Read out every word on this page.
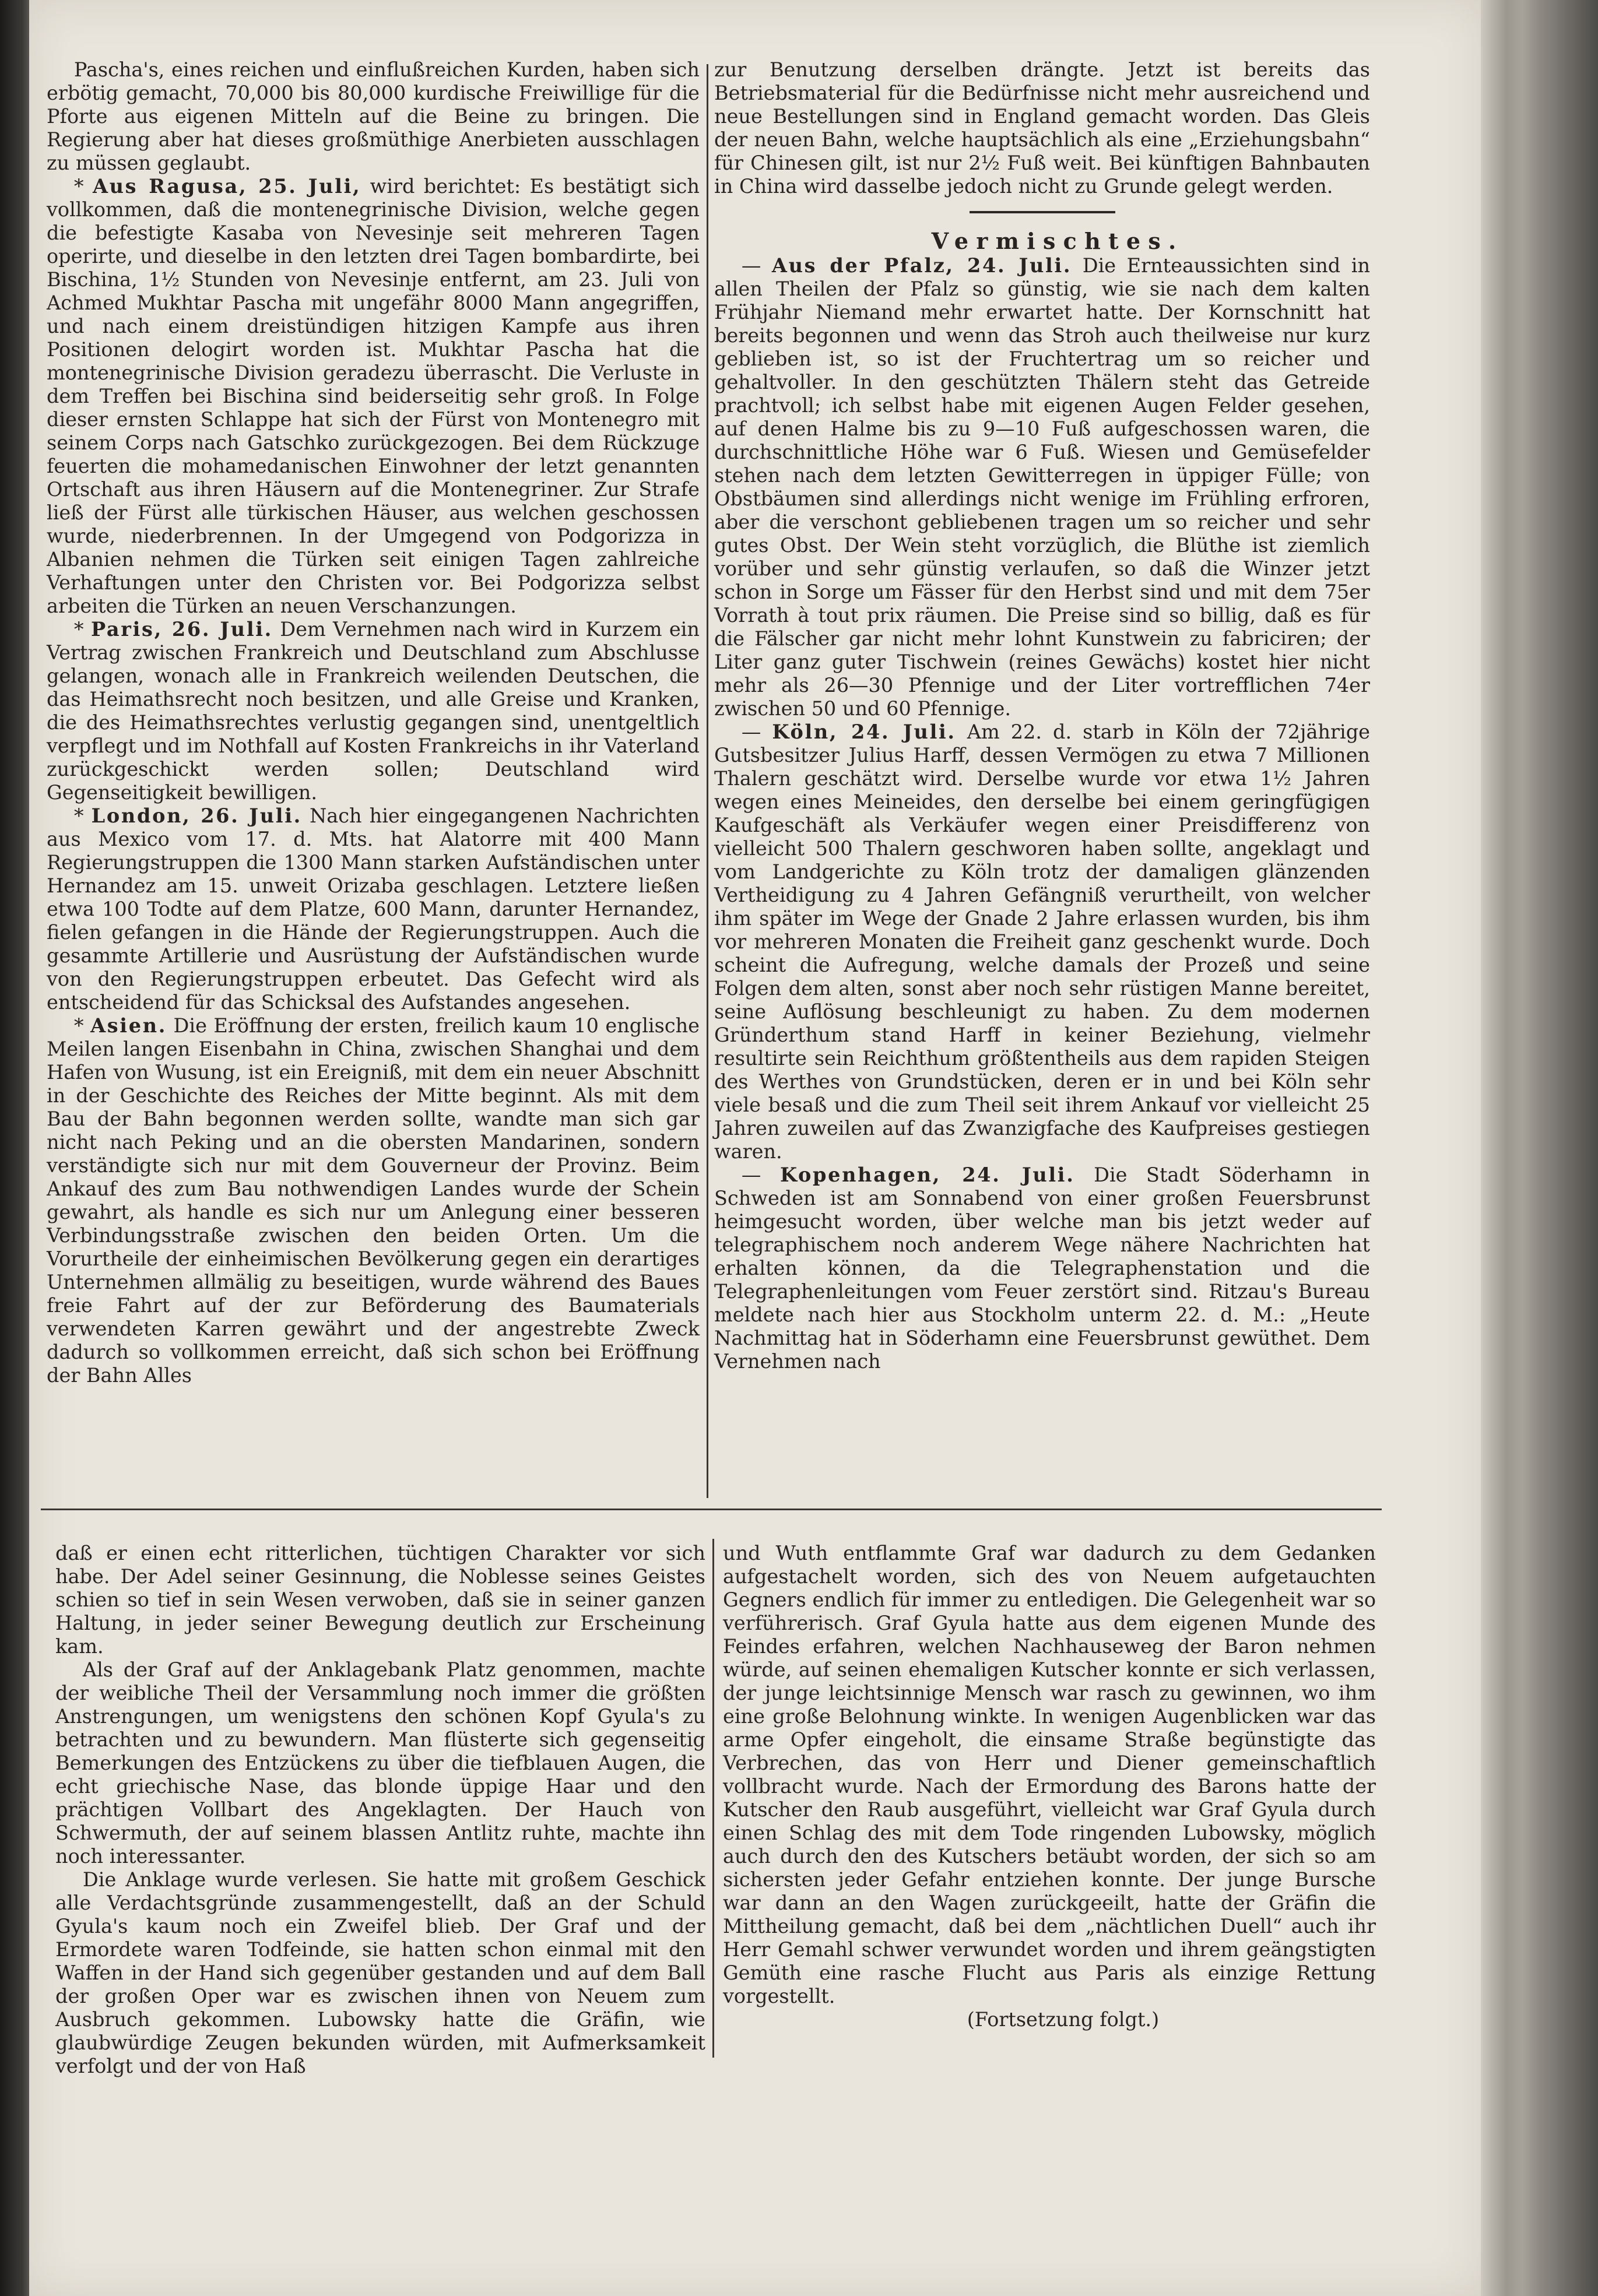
Pascha's, eines reichen und einflußreichen Kurden, haben sich erbötig gemacht, 70,000 bis 80,000 kurdische Freiwillige für die Pforte aus eigenen Mitteln auf die Beine zu bringen. Die Regierung aber hat dieses großmüthige Anerbieten ausschlagen zu müssen geglaubt.

* Aus Ragusa, 25. Juli, wird berichtet: Es bestätigt sich vollkommen, daß die montenegrinische Division, welche gegen die befestigte Kasaba von Nevesinje seit mehreren Tagen operirte, und dieselbe in den letzten drei Tagen bombardirte, bei Bischina, 1½ Stunden von Nevesinje entfernt, am 23. Juli von Achmed Mukhtar Pascha mit ungefähr 8000 Mann angegriffen, und nach einem dreistündigen hitzigen Kampfe aus ihren Positionen delogirt worden ist. Mukhtar Pascha hat die montenegrinische Division geradezu überrascht. Die Verluste in dem Treffen bei Bischina sind beiderseitig sehr groß. In Folge dieser ernsten Schlappe hat sich der Fürst von Montenegro mit seinem Corps nach Gatschko zurückgezogen. Bei dem Rückzuge feuerten die mohamedanischen Einwohner der letzt genannten Ortschaft aus ihren Häusern auf die Montenegriner. Zur Strafe ließ der Fürst alle türkischen Häuser, aus welchen geschossen wurde, niederbrennen. In der Umgegend von Podgorizza in Albanien nehmen die Türken seit einigen Tagen zahlreiche Verhaftungen unter den Christen vor. Bei Podgorizza selbst arbeiten die Türken an neuen Verschanzungen.

* Paris, 26. Juli. Dem Vernehmen nach wird in Kurzem ein Vertrag zwischen Frankreich und Deutschland zum Abschlusse gelangen, wonach alle in Frankreich weilenden Deutschen, die das Heimathsrecht noch besitzen, und alle Greise und Kranken, die des Heimathsrechtes verlustig gegangen sind, unentgeltlich verpflegt und im Nothfall auf Kosten Frankreichs in ihr Vaterland zurückgeschickt werden sollen; Deutschland wird Gegenseitigkeit bewilligen.

* London, 26. Juli. Nach hier eingegangenen Nachrichten aus Mexico vom 17. d. Mts. hat Alatorre mit 400 Mann Regierungstruppen die 1300 Mann starken Aufständischen unter Hernandez am 15. unweit Orizaba geschlagen. Letztere ließen etwa 100 Todte auf dem Platze, 600 Mann, darunter Hernandez, fielen gefangen in die Hände der Regierungstruppen. Auch die gesammte Artillerie und Ausrüstung der Aufständischen wurde von den Regierungstruppen erbeutet. Das Gefecht wird als entscheidend für das Schicksal des Aufstandes angesehen.

* Asien. Die Eröffnung der ersten, freilich kaum 10 englische Meilen langen Eisenbahn in China, zwischen Shanghai und dem Hafen von Wusung, ist ein Ereigniß, mit dem ein neuer Abschnitt in der Geschichte des Reiches der Mitte beginnt. Als mit dem Bau der Bahn begonnen werden sollte, wandte man sich gar nicht nach Peking und an die obersten Mandarinen, sondern verständigte sich nur mit dem Gouverneur der Provinz. Beim Ankauf des zum Bau nothwendigen Landes wurde der Schein gewahrt, als handle es sich nur um Anlegung einer besseren Verbindungsstraße zwischen den beiden Orten. Um die Vorurtheile der einheimischen Bevölkerung gegen ein derartiges Unternehmen allmälig zu beseitigen, wurde während des Baues freie Fahrt auf der zur Beförderung des Baumaterials verwendeten Karren gewährt und der angestrebte Zweck dadurch so vollkommen erreicht, daß sich schon bei Eröffnung der Bahn Alles

zur Benutzung derselben drängte. Jetzt ist bereits das Betriebsmaterial für die Bedürfnisse nicht mehr ausreichend und neue Bestellungen sind in England gemacht worden. Das Gleis der neuen Bahn, welche hauptsächlich als eine „Erziehungsbahn“ für Chinesen gilt, ist nur 2½ Fuß weit. Bei künftigen Bahnbauten in China wird dasselbe jedoch nicht zu Grunde gelegt werden.

Vermischtes.

— Aus der Pfalz, 24. Juli. Die Ernteaussichten sind in allen Theilen der Pfalz so günstig, wie sie nach dem kalten Frühjahr Niemand mehr erwartet hatte. Der Kornschnitt hat bereits begonnen und wenn das Stroh auch theilweise nur kurz geblieben ist, so ist der Fruchtertrag um so reicher und gehaltvoller. In den geschützten Thälern steht das Getreide prachtvoll; ich selbst habe mit eigenen Augen Felder gesehen, auf denen Halme bis zu 9—10 Fuß aufgeschossen waren, die durchschnittliche Höhe war 6 Fuß. Wiesen und Gemüsefelder stehen nach dem letzten Gewitterregen in üppiger Fülle; von Obstbäumen sind allerdings nicht wenige im Frühling erfroren, aber die verschont gebliebenen tragen um so reicher und sehr gutes Obst. Der Wein steht vorzüglich, die Blüthe ist ziemlich vorüber und sehr günstig verlaufen, so daß die Winzer jetzt schon in Sorge um Fässer für den Herbst sind und mit dem 75er Vorrath à tout prix räumen. Die Preise sind so billig, daß es für die Fälscher gar nicht mehr lohnt Kunstwein zu fabriciren; der Liter ganz guter Tischwein (reines Gewächs) kostet hier nicht mehr als 26—30 Pfennige und der Liter vortrefflichen 74er zwischen 50 und 60 Pfennige.

— Köln, 24. Juli. Am 22. d. starb in Köln der 72jährige Gutsbesitzer Julius Harff, dessen Vermögen zu etwa 7 Millionen Thalern geschätzt wird. Derselbe wurde vor etwa 1½ Jahren wegen eines Meineides, den derselbe bei einem geringfügigen Kaufgeschäft als Verkäufer wegen einer Preisdifferenz von vielleicht 500 Thalern geschworen haben sollte, angeklagt und vom Landgerichte zu Köln trotz der damaligen glänzenden Vertheidigung zu 4 Jahren Gefängniß verurtheilt, von welcher ihm später im Wege der Gnade 2 Jahre erlassen wurden, bis ihm vor mehreren Monaten die Freiheit ganz geschenkt wurde. Doch scheint die Aufregung, welche damals der Prozeß und seine Folgen dem alten, sonst aber noch sehr rüstigen Manne bereitet, seine Auflösung beschleunigt zu haben. Zu dem modernen Gründerthum stand Harff in keiner Beziehung, vielmehr resultirte sein Reichthum größtentheils aus dem rapiden Steigen des Werthes von Grundstücken, deren er in und bei Köln sehr viele besaß und die zum Theil seit ihrem Ankauf vor vielleicht 25 Jahren zuweilen auf das Zwanzigfache des Kaufpreises gestiegen waren.

— Kopenhagen, 24. Juli. Die Stadt Söderhamn in Schweden ist am Sonnabend von einer großen Feuersbrunst heimgesucht worden, über welche man bis jetzt weder auf telegraphischem noch anderem Wege nähere Nachrichten hat erhalten können, da die Telegraphenstation und die Telegraphenleitungen vom Feuer zerstört sind. Ritzau's Bureau meldete nach hier aus Stockholm unterm 22. d. M.: „Heute Nachmittag hat in Söderhamn eine Feuersbrunst gewüthet. Dem Vernehmen nach

daß er einen echt ritterlichen, tüchtigen Charakter vor sich habe. Der Adel seiner Gesinnung, die Noblesse seines Geistes schien so tief in sein Wesen verwoben, daß sie in seiner ganzen Haltung, in jeder seiner Bewegung deutlich zur Erscheinung kam.

Als der Graf auf der Anklagebank Platz genommen, machte der weibliche Theil der Versammlung noch immer die größten Anstrengungen, um wenigstens den schönen Kopf Gyula's zu betrachten und zu bewundern. Man flüsterte sich gegenseitig Bemerkungen des Entzückens zu über die tiefblauen Augen, die echt griechische Nase, das blonde üppige Haar und den prächtigen Vollbart des Angeklagten. Der Hauch von Schwermuth, der auf seinem blassen Antlitz ruhte, machte ihn noch interessanter.

Die Anklage wurde verlesen. Sie hatte mit großem Geschick alle Verdachtsgründe zusammengestellt, daß an der Schuld Gyula's kaum noch ein Zweifel blieb. Der Graf und der Ermordete waren Todfeinde, sie hatten schon einmal mit den Waffen in der Hand sich gegenüber gestanden und auf dem Ball der großen Oper war es zwischen ihnen von Neuem zum Ausbruch gekommen. Lubowsky hatte die Gräfin, wie glaubwürdige Zeugen bekunden würden, mit Aufmerksamkeit verfolgt und der von Haß

und Wuth entflammte Graf war dadurch zu dem Gedanken aufgestachelt worden, sich des von Neuem aufgetauchten Gegners endlich für immer zu entledigen. Die Gelegenheit war so verführerisch. Graf Gyula hatte aus dem eigenen Munde des Feindes erfahren, welchen Nachhauseweg der Baron nehmen würde, auf seinen ehemaligen Kutscher konnte er sich verlassen, der junge leichtsinnige Mensch war rasch zu gewinnen, wo ihm eine große Belohnung winkte. In wenigen Augenblicken war das arme Opfer eingeholt, die einsame Straße begünstigte das Verbrechen, das von Herr und Diener gemeinschaftlich vollbracht wurde. Nach der Ermordung des Barons hatte der Kutscher den Raub ausgeführt, vielleicht war Graf Gyula durch einen Schlag des mit dem Tode ringenden Lubowsky, möglich auch durch den des Kutschers betäubt worden, der sich so am sichersten jeder Gefahr entziehen konnte. Der junge Bursche war dann an den Wagen zurückgeeilt, hatte der Gräfin die Mittheilung gemacht, daß bei dem „nächtlichen Duell“ auch ihr Herr Gemahl schwer verwundet worden und ihrem geängstigten Gemüth eine rasche Flucht aus Paris als einzige Rettung vorgestellt.

(Fortsetzung folgt.)
